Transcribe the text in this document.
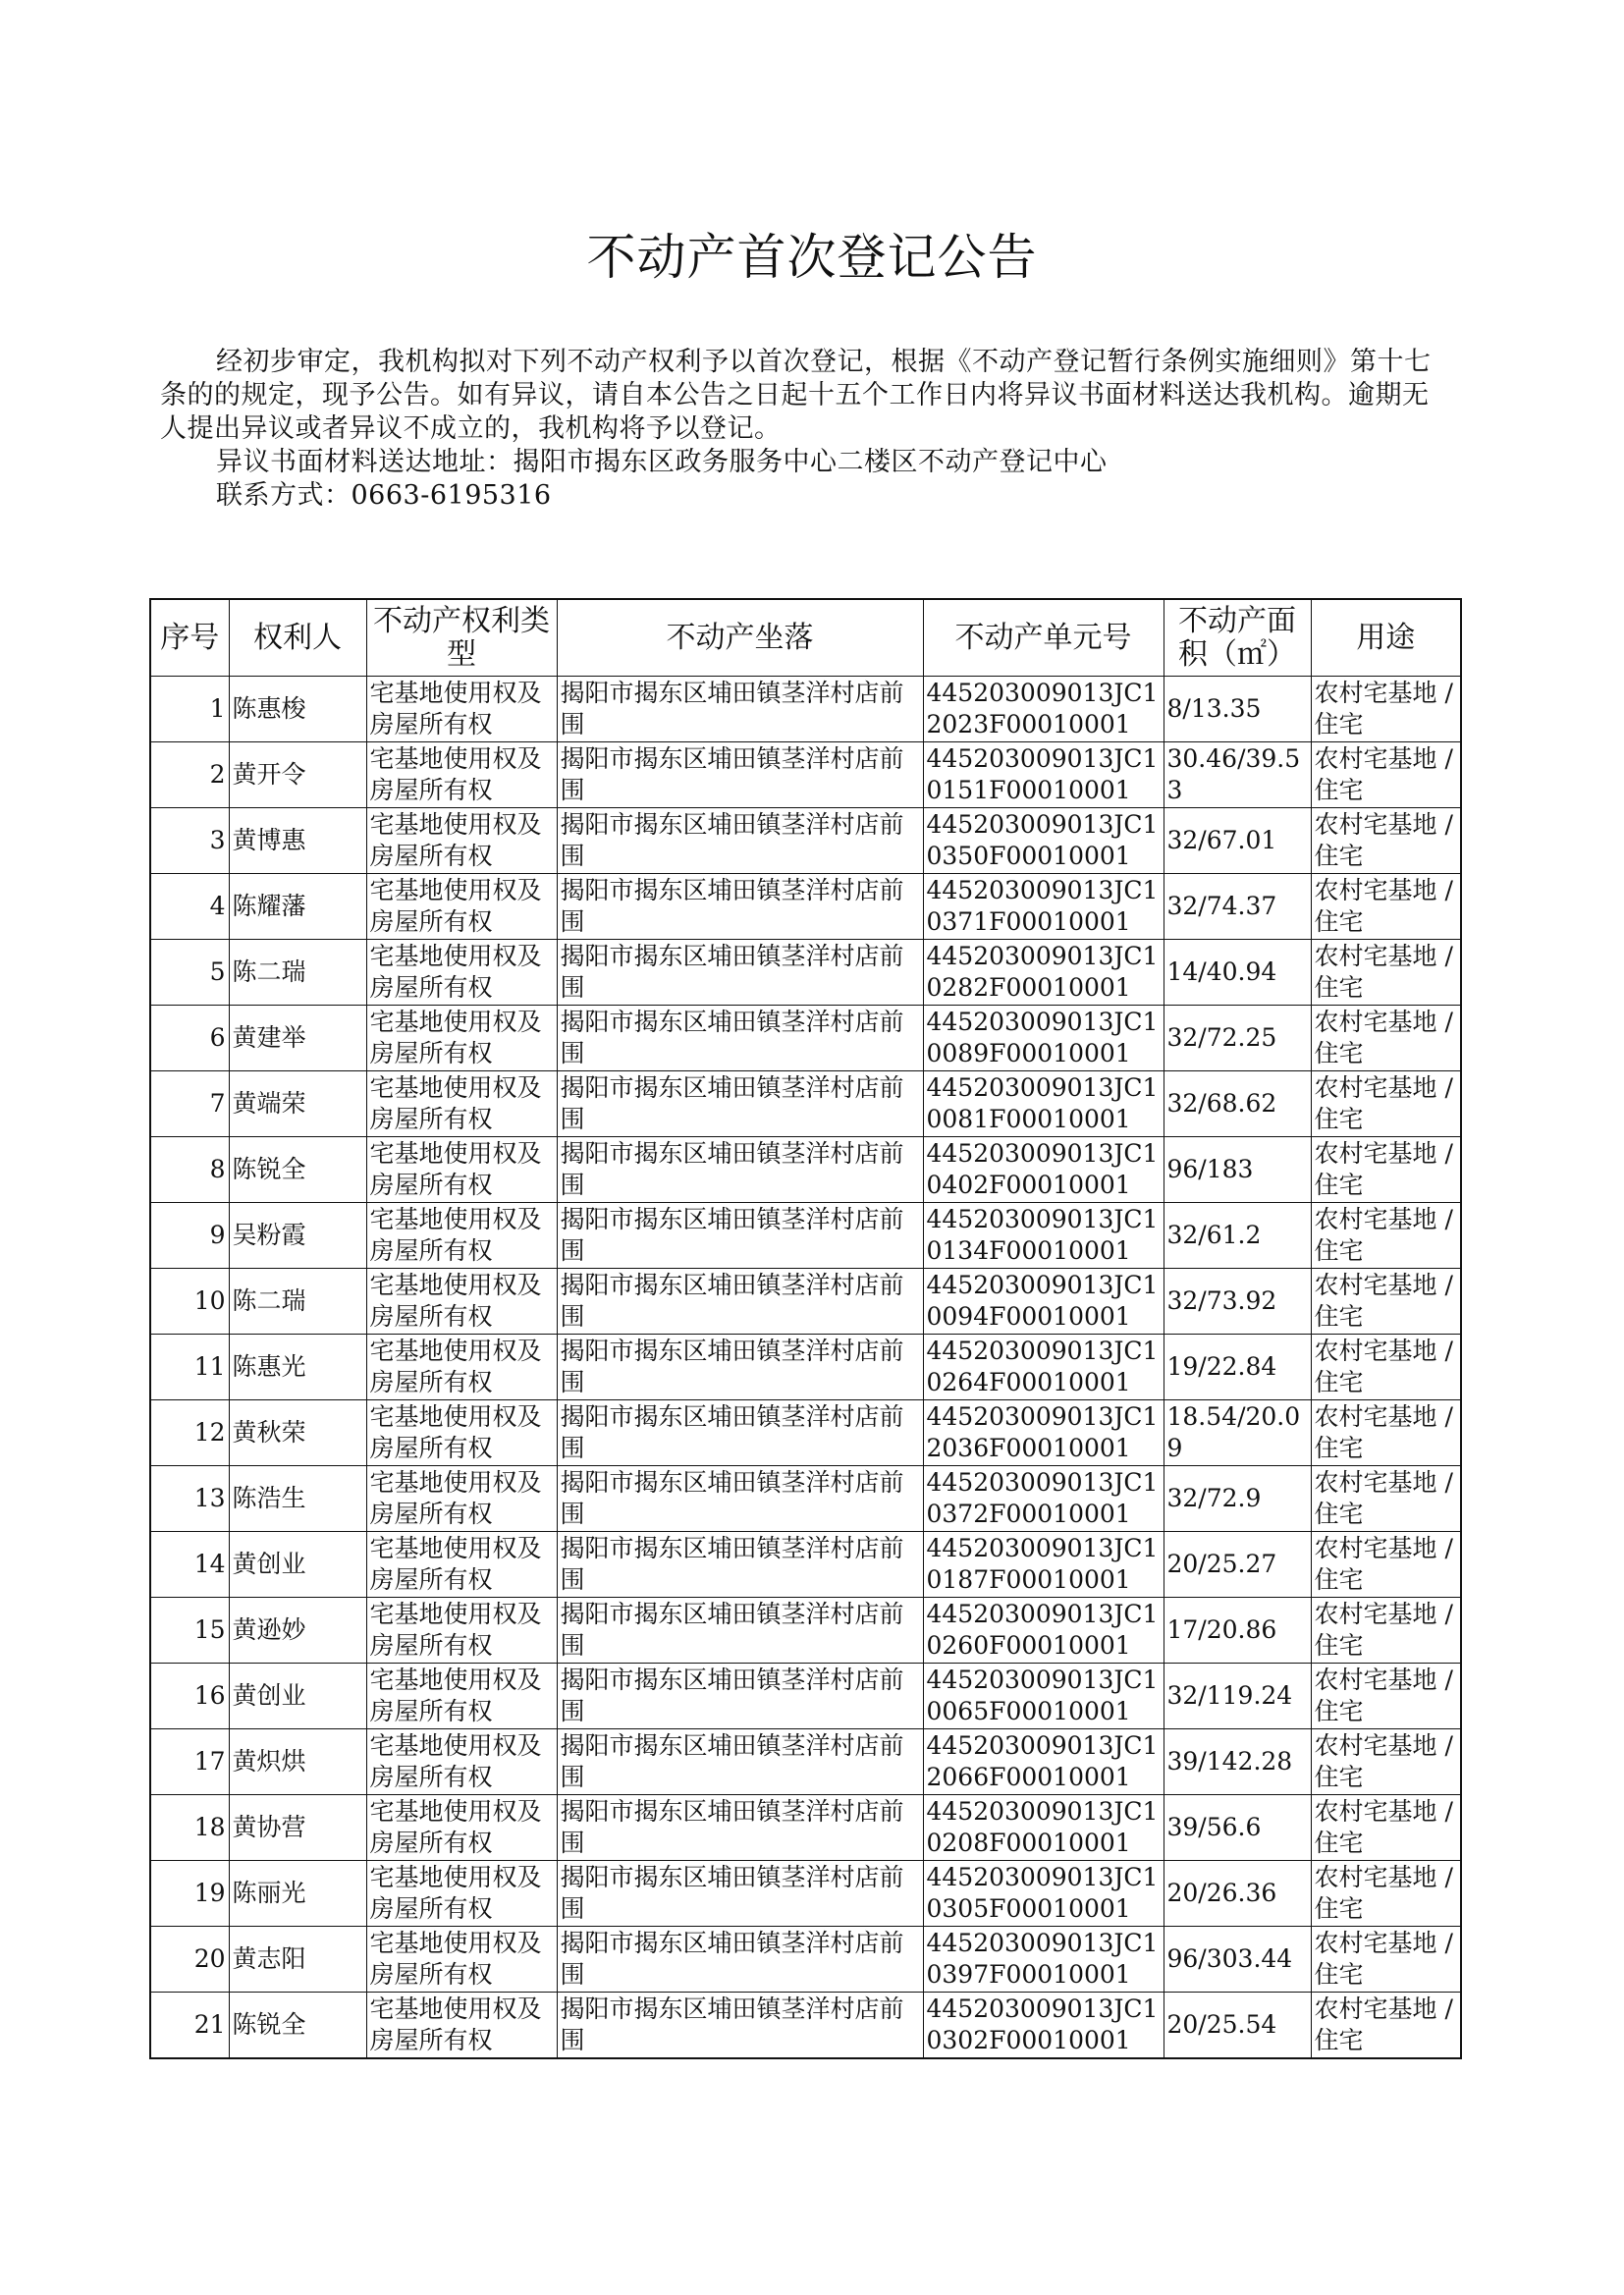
不动产首次登记公告

经初步审定，我机构拟对下列不动产权利予以首次登记，根据《不动产登记暂行条例实施细则》第十七条的的规定，现予公告。如有异议，请自本公告之日起十五个工作日内将异议书面材料送达我机构。逾期无人提出异议或者异议不成立的，我机构将予以登记。

异议书面材料送达地址：揭阳市揭东区政务服务中心二楼区不动产登记中心

联系方式：0663-6195316

序号	权利人	不动产权利类型	不动产坐落	不动产单元号	不动产面积（㎡）	用途
1	陈惠梭	宅基地使用权及房屋所有权	揭阳市揭东区埔田镇茎洋村店前围	445203009013JC12023F00010001	8/13.35	农村宅基地 / 住宅
2	黄开令	宅基地使用权及房屋所有权	揭阳市揭东区埔田镇茎洋村店前围	445203009013JC10151F00010001	30.46/39.53	农村宅基地 / 住宅
3	黄博惠	宅基地使用权及房屋所有权	揭阳市揭东区埔田镇茎洋村店前围	445203009013JC10350F00010001	32/67.01	农村宅基地 / 住宅
4	陈耀藩	宅基地使用权及房屋所有权	揭阳市揭东区埔田镇茎洋村店前围	445203009013JC10371F00010001	32/74.37	农村宅基地 / 住宅
5	陈二瑞	宅基地使用权及房屋所有权	揭阳市揭东区埔田镇茎洋村店前围	445203009013JC10282F00010001	14/40.94	农村宅基地 / 住宅
6	黄建举	宅基地使用权及房屋所有权	揭阳市揭东区埔田镇茎洋村店前围	445203009013JC10089F00010001	32/72.25	农村宅基地 / 住宅
7	黄端荣	宅基地使用权及房屋所有权	揭阳市揭东区埔田镇茎洋村店前围	445203009013JC10081F00010001	32/68.62	农村宅基地 / 住宅
8	陈锐全	宅基地使用权及房屋所有权	揭阳市揭东区埔田镇茎洋村店前围	445203009013JC10402F00010001	96/183	农村宅基地 / 住宅
9	吴粉霞	宅基地使用权及房屋所有权	揭阳市揭东区埔田镇茎洋村店前围	445203009013JC10134F00010001	32/61.2	农村宅基地 / 住宅
10	陈二瑞	宅基地使用权及房屋所有权	揭阳市揭东区埔田镇茎洋村店前围	445203009013JC10094F00010001	32/73.92	农村宅基地 / 住宅
11	陈惠光	宅基地使用权及房屋所有权	揭阳市揭东区埔田镇茎洋村店前围	445203009013JC10264F00010001	19/22.84	农村宅基地 / 住宅
12	黄秋荣	宅基地使用权及房屋所有权	揭阳市揭东区埔田镇茎洋村店前围	445203009013JC12036F00010001	18.54/20.09	农村宅基地 / 住宅
13	陈浩生	宅基地使用权及房屋所有权	揭阳市揭东区埔田镇茎洋村店前围	445203009013JC10372F00010001	32/72.9	农村宅基地 / 住宅
14	黄创业	宅基地使用权及房屋所有权	揭阳市揭东区埔田镇茎洋村店前围	445203009013JC10187F00010001	20/25.27	农村宅基地 / 住宅
15	黄逊妙	宅基地使用权及房屋所有权	揭阳市揭东区埔田镇茎洋村店前围	445203009013JC10260F00010001	17/20.86	农村宅基地 / 住宅
16	黄创业	宅基地使用权及房屋所有权	揭阳市揭东区埔田镇茎洋村店前围	445203009013JC10065F00010001	32/119.24	农村宅基地 / 住宅
17	黄炽烘	宅基地使用权及房屋所有权	揭阳市揭东区埔田镇茎洋村店前围	445203009013JC12066F00010001	39/142.28	农村宅基地 / 住宅
18	黄协营	宅基地使用权及房屋所有权	揭阳市揭东区埔田镇茎洋村店前围	445203009013JC10208F00010001	39/56.6	农村宅基地 / 住宅
19	陈丽光	宅基地使用权及房屋所有权	揭阳市揭东区埔田镇茎洋村店前围	445203009013JC10305F00010001	20/26.36	农村宅基地 / 住宅
20	黄志阳	宅基地使用权及房屋所有权	揭阳市揭东区埔田镇茎洋村店前围	445203009013JC10397F00010001	96/303.44	农村宅基地 / 住宅
21	陈锐全	宅基地使用权及房屋所有权	揭阳市揭东区埔田镇茎洋村店前围	445203009013JC10302F00010001	20/25.54	农村宅基地 / 住宅
